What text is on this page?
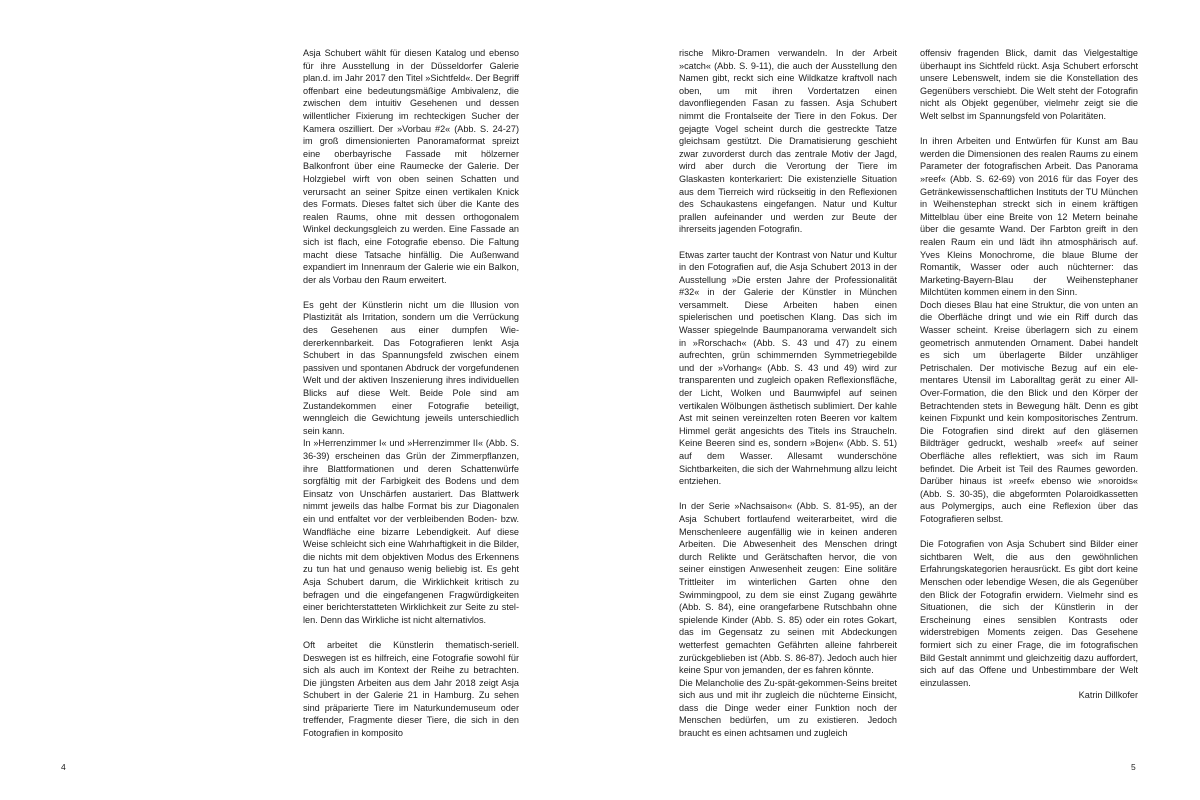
Asja Schubert wählt für diesen Katalog und ebenso für ihre Ausstellung in der Düsseldorfer Galerie plan.d. im Jahr 2017 den Titel »Sichtfeld«. Der Begriff offenbart eine bedeutungsmäßige Ambivalenz, die zwischen dem intuitiv Gesehenen und dessen willentlicher Fixierung im rechteckigen Sucher der Kamera oszilliert. Der »Vorbau #2« (Abb. S. 24-27) im groß dimensionierten Panoramaformat spreizt eine oberbayrische Fassade mit hölzerner Balkonfront über eine Raumecke der Galerie. Der Holzgiebel wirft von oben seinen Schatten und verursacht an seiner Spitze einen vertikalen Knick des Formats. Dieses faltet sich über die Kante des realen Raums, ohne mit dessen orthogonalem Winkel deckungsgleich zu werden. Eine Fassade an sich ist flach, eine Fotografie ebenso. Die Faltung macht diese Tatsache hinfällig. Die Außenwand expandiert im Innenraum der Galerie wie ein Balkon, der als Vorbau den Raum erweitert.

Es geht der Künstlerin nicht um die Illusion von Plastizität als Irritation, sondern um die Verrückung des Gesehenen aus einer dumpfen Wiedererkennbarkeit. Das Fotografieren lenkt Asja Schubert in das Spannungsfeld zwischen einem passiven und spontanen Abdruck der vorgefundenen Welt und der aktiven Inszenierung ihres individuellen Blicks auf diese Welt. Beide Pole sind am Zustandekommen einer Fotografie beteiligt, wenngleich die Gewichtung jeweils unterschiedlich sein kann.

In »Herrenzimmer I« und »Herrenzimmer II« (Abb. S. 36-39) erscheinen das Grün der Zimmerpflanzen, ihre Blattformationen und deren Schattenwürfe sorgfältig mit der Farbigkeit des Bodens und dem Einsatz von Unschärfen austariert. Das Blattwerk nimmt jeweils das halbe Format bis zur Diagonalen ein und entfaltet vor der verbleibenden Boden- bzw. Wandfläche eine bizarre Lebendigkeit. Auf diese Weise schleicht sich eine Wahrhaftigkeit in die Bilder, die nichts mit dem objektiven Modus des Erkennens zu tun hat und genauso wenig beliebig ist. Es geht Asja Schubert darum, die Wirklichkeit kritisch zu befragen und die eingefangenen Fragwürdigkeiten einer berichterstatteten Wirklichkeit zur Seite zu stellen. Denn das Wirkliche ist nicht alternativlos.

Oft arbeitet die Künstlerin thematisch-seriell. Deswegen ist es hilfreich, eine Fotografie sowohl für sich als auch im Kontext der Reihe zu betrachten. Die jüngsten Arbeiten aus dem Jahr 2018 zeigt Asja Schubert in der Galerie 21 in Hamburg. Zu sehen sind präparierte Tiere im Naturkundemuseum oder treffender, Fragmente dieser Tiere, die sich in den Fotografien in komposito

4

rische Mikro-Dramen verwandeln. In der Arbeit »catch« (Abb. S. 9-11), die auch der Ausstellung den Namen gibt, reckt sich eine Wildkatze kraftvoll nach oben, um mit ihren Vordertatzen einen davonfliegenden Fasan zu fassen. Asja Schubert nimmt die Frontalseite der Tiere in den Fokus. Der gejagte Vogel scheint durch die gestreckte Tatze gleichsam gestützt. Die Dramatisierung geschieht zwar zuvorderst durch das zentrale Motiv der Jagd, wird aber durch die Verortung der Tiere im Glaskasten konterkariert: Die existenzielle Situation aus dem Tierreich wird rückseitig in den Reflexionen des Schaukastens eingefangen. Natur und Kultur prallen aufeinander und werden zur Beute der ihrerseits jagenden Fotografin.

Etwas zarter taucht der Kontrast von Natur und Kultur in den Fotografien auf, die Asja Schubert 2013 in der Ausstellung »Die ersten Jahre der Professionalität #32« in der Galerie der Künstler in München versammelt. Diese Arbeiten haben einen spielerischen und poetischen Klang. Das sich im Wasser spiegelnde Baumpanorama verwandelt sich in »Rorschach« (Abb. S. 43 und 47) zu einem aufrechten, grün schimmernden Symmetriegebilde und der »Vorhang« (Abb. S. 43 und 49) wird zur transparenten und zugleich opaken Reflexionsfläche, der Licht, Wolken und Baumwipfel auf seinen vertikalen Wölbungen ästhetisch sublimiert. Der kahle Ast mit seinen vereinzelten roten Beeren vor kaltem Himmel gerät angesichts des Titels ins Straucheln. Keine Beeren sind es, sondern »Bojen« (Abb. S. 51) auf dem Wasser. Allesamt wunderschöne Sichtbarkeiten, die sich der Wahrnehmung allzu leicht entziehen.

In der Serie »Nachsaison« (Abb. S. 81-95), an der Asja Schubert fortlaufend weiterarbeitet, wird die Menschenleere augenfällig wie in keinen anderen Arbeiten. Die Abwesenheit des Menschen dringt durch Relikte und Gerätschaften hervor, die von seiner einstigen Anwesenheit zeugen: Eine solitäre Trittleiter im winterlichen Garten ohne den Swimmingpool, zu dem sie einst Zugang gewährte (Abb. S. 84), eine orangefarbene Rutschbahn ohne spielende Kinder (Abb. S. 85) oder ein rotes Gokart, das im Gegensatz zu seinen mit Abdeckungen wetterfest gemachten Gefährten alleine fahrbereit zurückgeblieben ist (Abb. S. 86-87). Jedoch auch hier keine Spur von jemanden, der es fahren könnte.

Die Melancholie des Zu-spät-gekommen-Seins breitet sich aus und mit ihr zugleich die nüchterne Einsicht, dass die Dinge weder einer Funktion noch der Menschen bedürfen, um zu existieren. Jedoch braucht es einen achtsamen und zugleich

offensiv fragenden Blick, damit das Vielgestaltige überhaupt ins Sichtfeld rückt. Asja Schubert erforscht unsere Lebenswelt, indem sie die Konstellation des Gegenübers verschiebt. Die Welt steht der Fotografin nicht als Objekt gegenüber, vielmehr zeigt sie die Welt selbst im Spannungsfeld von Polaritäten.

In ihren Arbeiten und Entwürfen für Kunst am Bau werden die Dimensionen des realen Raums zu einem Parameter der fotografischen Arbeit. Das Panorama »reef« (Abb. S. 62-69) von 2016 für das Foyer des Getränkewissenschaftlichen Instituts der TU München in Weihenstephan streckt sich in einem kräftigen Mittelblau über eine Breite von 12 Metern beinahe über die gesamte Wand. Der Farbton greift in den realen Raum ein und lädt ihn atmosphärisch auf. Yves Kleins Monochrome, die blaue Blume der Romantik, Wasser oder auch nüchterner: das Marketing-Bayern-Blau der Weihenstephaner Milchtüten kommen einem in den Sinn.

Doch dieses Blau hat eine Struktur, die von unten an die Oberfläche dringt und wie ein Riff durch das Wasser scheint. Kreise überlagern sich zu einem geometrisch anmutenden Ornament. Dabei handelt es sich um überlagerte Bilder unzähliger Petrischalen. Der motivische Bezug auf ein elementares Utensil im Laboralltag gerät zu einer All-Over-Formation, die den Blick und den Körper der Betrachtenden stets in Bewegung hält. Denn es gibt keinen Fixpunkt und kein kompositorisches Zentrum. Die Fotografien sind direkt auf den gläsernen Bildträger gedruckt, weshalb »reef« auf seiner Oberfläche alles reflektiert, was sich im Raum befindet. Die Arbeit ist Teil des Raumes geworden. Darüber hinaus ist »reef« ebenso wie »noroids« (Abb. S. 30-35), die abgeformten Polaroidkassetten aus Polymergips, auch eine Reflexion über das Fotografieren selbst.

Die Fotografien von Asja Schubert sind Bilder einer sichtbaren Welt, die aus den gewöhnlichen Erfahrungskategorien herausrückt. Es gibt dort keine Menschen oder lebendige Wesen, die als Gegenüber den Blick der Fotografin erwidern. Vielmehr sind es Situationen, die sich der Künstlerin in der Erscheinung eines sensiblen Kontrasts oder widerstrebigen Moments zeigen. Das Gesehene formiert sich zu einer Frage, die im fotografischen Bild Gestalt annimmt und gleichzeitig dazu auffordert, sich auf das Offene und Unbestimmbare der Welt einzulassen.

Katrin Dillkofer

5
